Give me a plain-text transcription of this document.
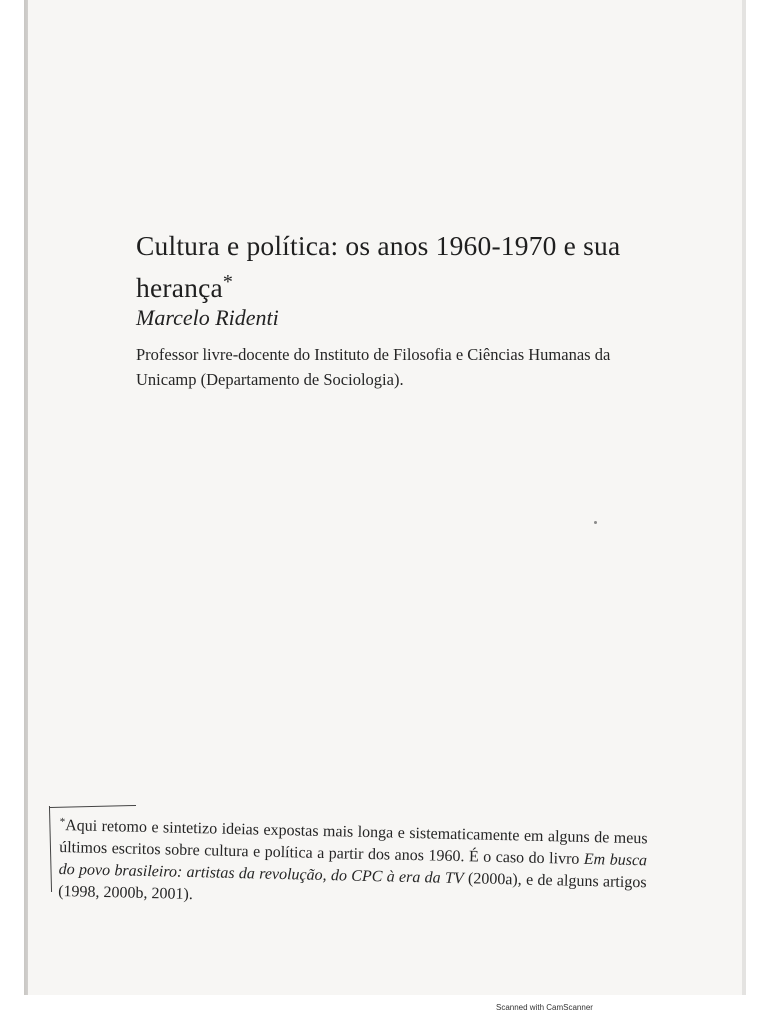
Cultura e política: os anos 1960-1970 e sua herança*
Marcelo Ridenti
Professor livre-docente do Instituto de Filosofia e Ciências Humanas da Unicamp (Departamento de Sociologia).

*Aqui retomo e sintetizo ideias expostas mais longa e sistematicamente em alguns de meus últimos escritos sobre cultura e política a partir dos anos 1960. É o caso do livro Em busca do povo brasileiro: artistas da revolução, do CPC à era da TV (2000a), e de alguns artigos (1998, 2000b, 2001).

Scanned with CamScanner
